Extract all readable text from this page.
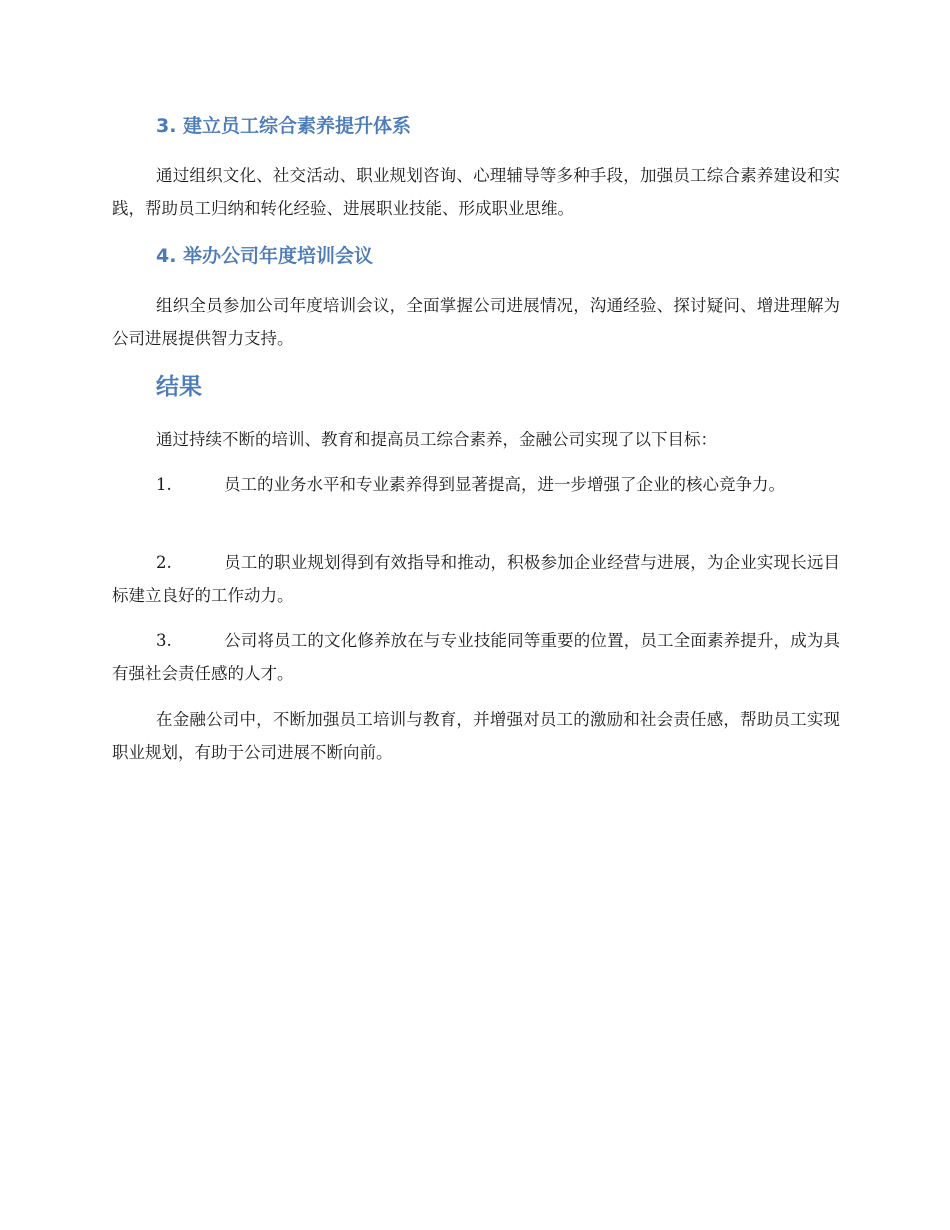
3. 建立员工综合素养提升体系

通过组织文化、社交活动、职业规划咨询、心理辅导等多种手段，加强员工综合素养建设和实践，帮助员工归纳和转化经验、进展职业技能、形成职业思维。

4. 举办公司年度培训会议

组织全员参加公司年度培训会议，全面掌握公司进展情况，沟通经验、探讨疑问、增进理解为公司进展提供智力支持。

结果

通过持续不断的培训、教育和提高员工综合素养，金融公司实现了以下目标：

1.	员工的业务水平和专业素养得到显著提高，进一步增强了企业的核心竞争力。

2.	员工的职业规划得到有效指导和推动，积极参加企业经营与进展，为企业实现长远目标建立良好的工作动力。

3.	公司将员工的文化修养放在与专业技能同等重要的位置，员工全面素养提升，成为具有强社会责任感的人才。

在金融公司中，不断加强员工培训与教育，并增强对员工的激励和社会责任感，帮助员工实现职业规划，有助于公司进展不断向前。
